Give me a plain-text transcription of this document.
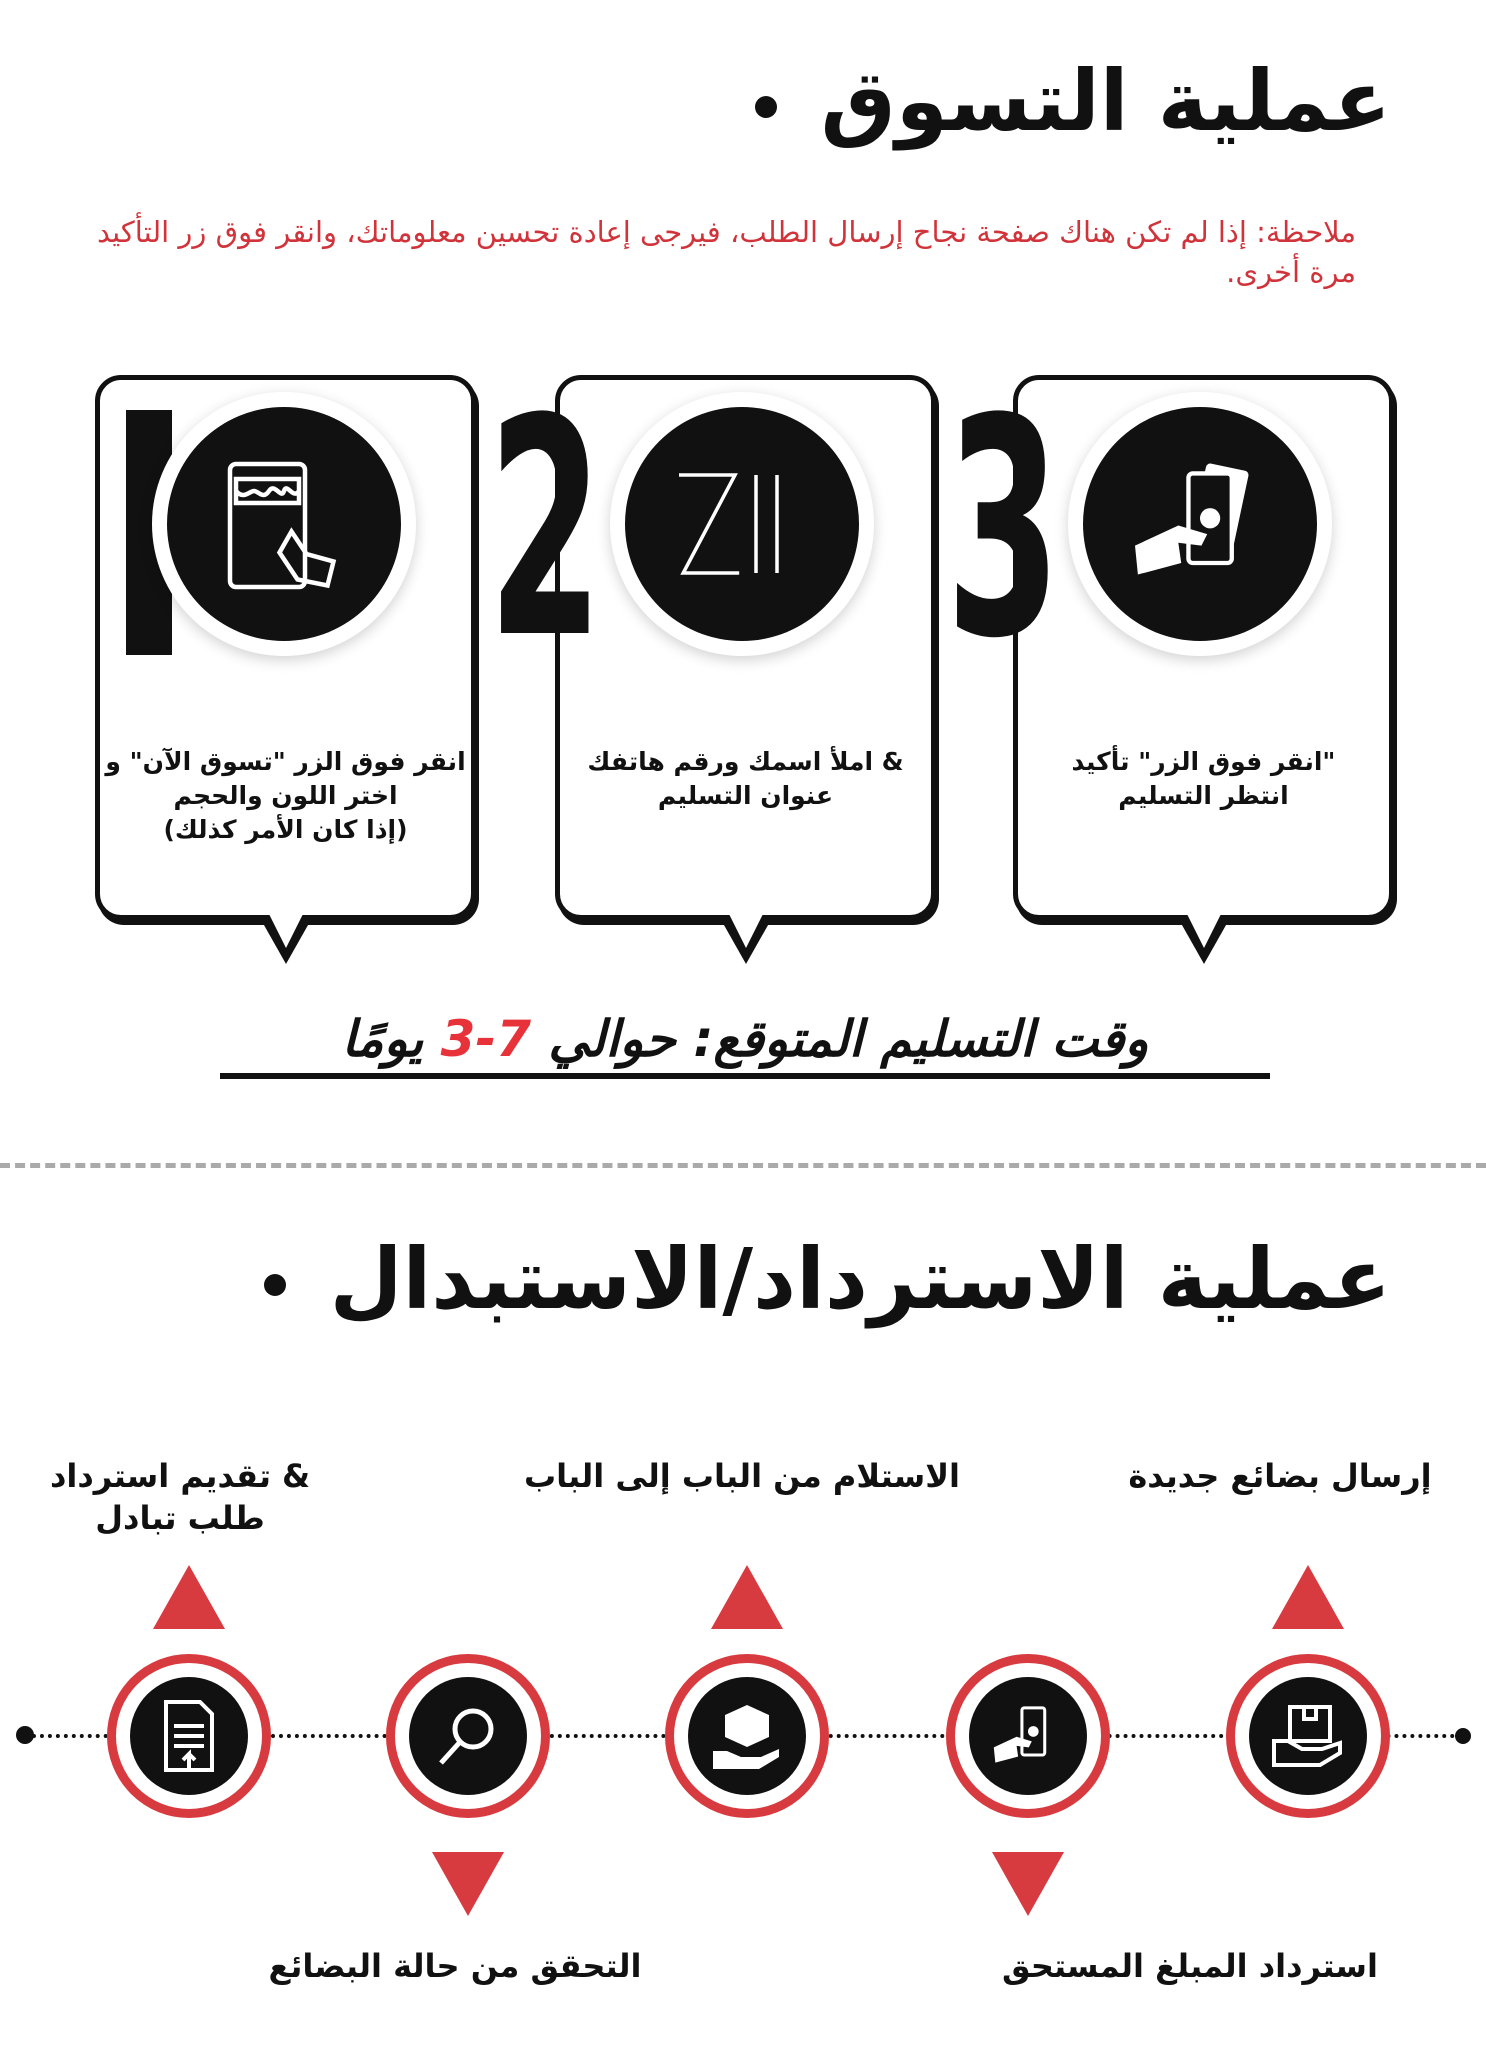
عملية التسوق
ملاحظة: إذا لم تكن هناك صفحة نجاح إرسال الطلب، فيرجى إعادة تحسين معلوماتك، وانقر فوق زر التأكيد مرة أخرى.
2 3
انقر فوق الزر "تسوق الآن" و
اختر اللون والحجم
(إذا كان الأمر كذلك)
& املأ اسمك ورقم هاتفك
عنوان التسليم
"انقر فوق الزر" تأكيد
انتظر التسليم
وقت التسليم المتوقع: حوالي 3-7 يومًا
عملية الاسترداد/الاستبدال
إرسال بضائع جديدة
الاستلام من الباب إلى الباب
& تقديم استرداد
طلب تبادل
استرداد المبلغ المستحق
التحقق من حالة البضائع
